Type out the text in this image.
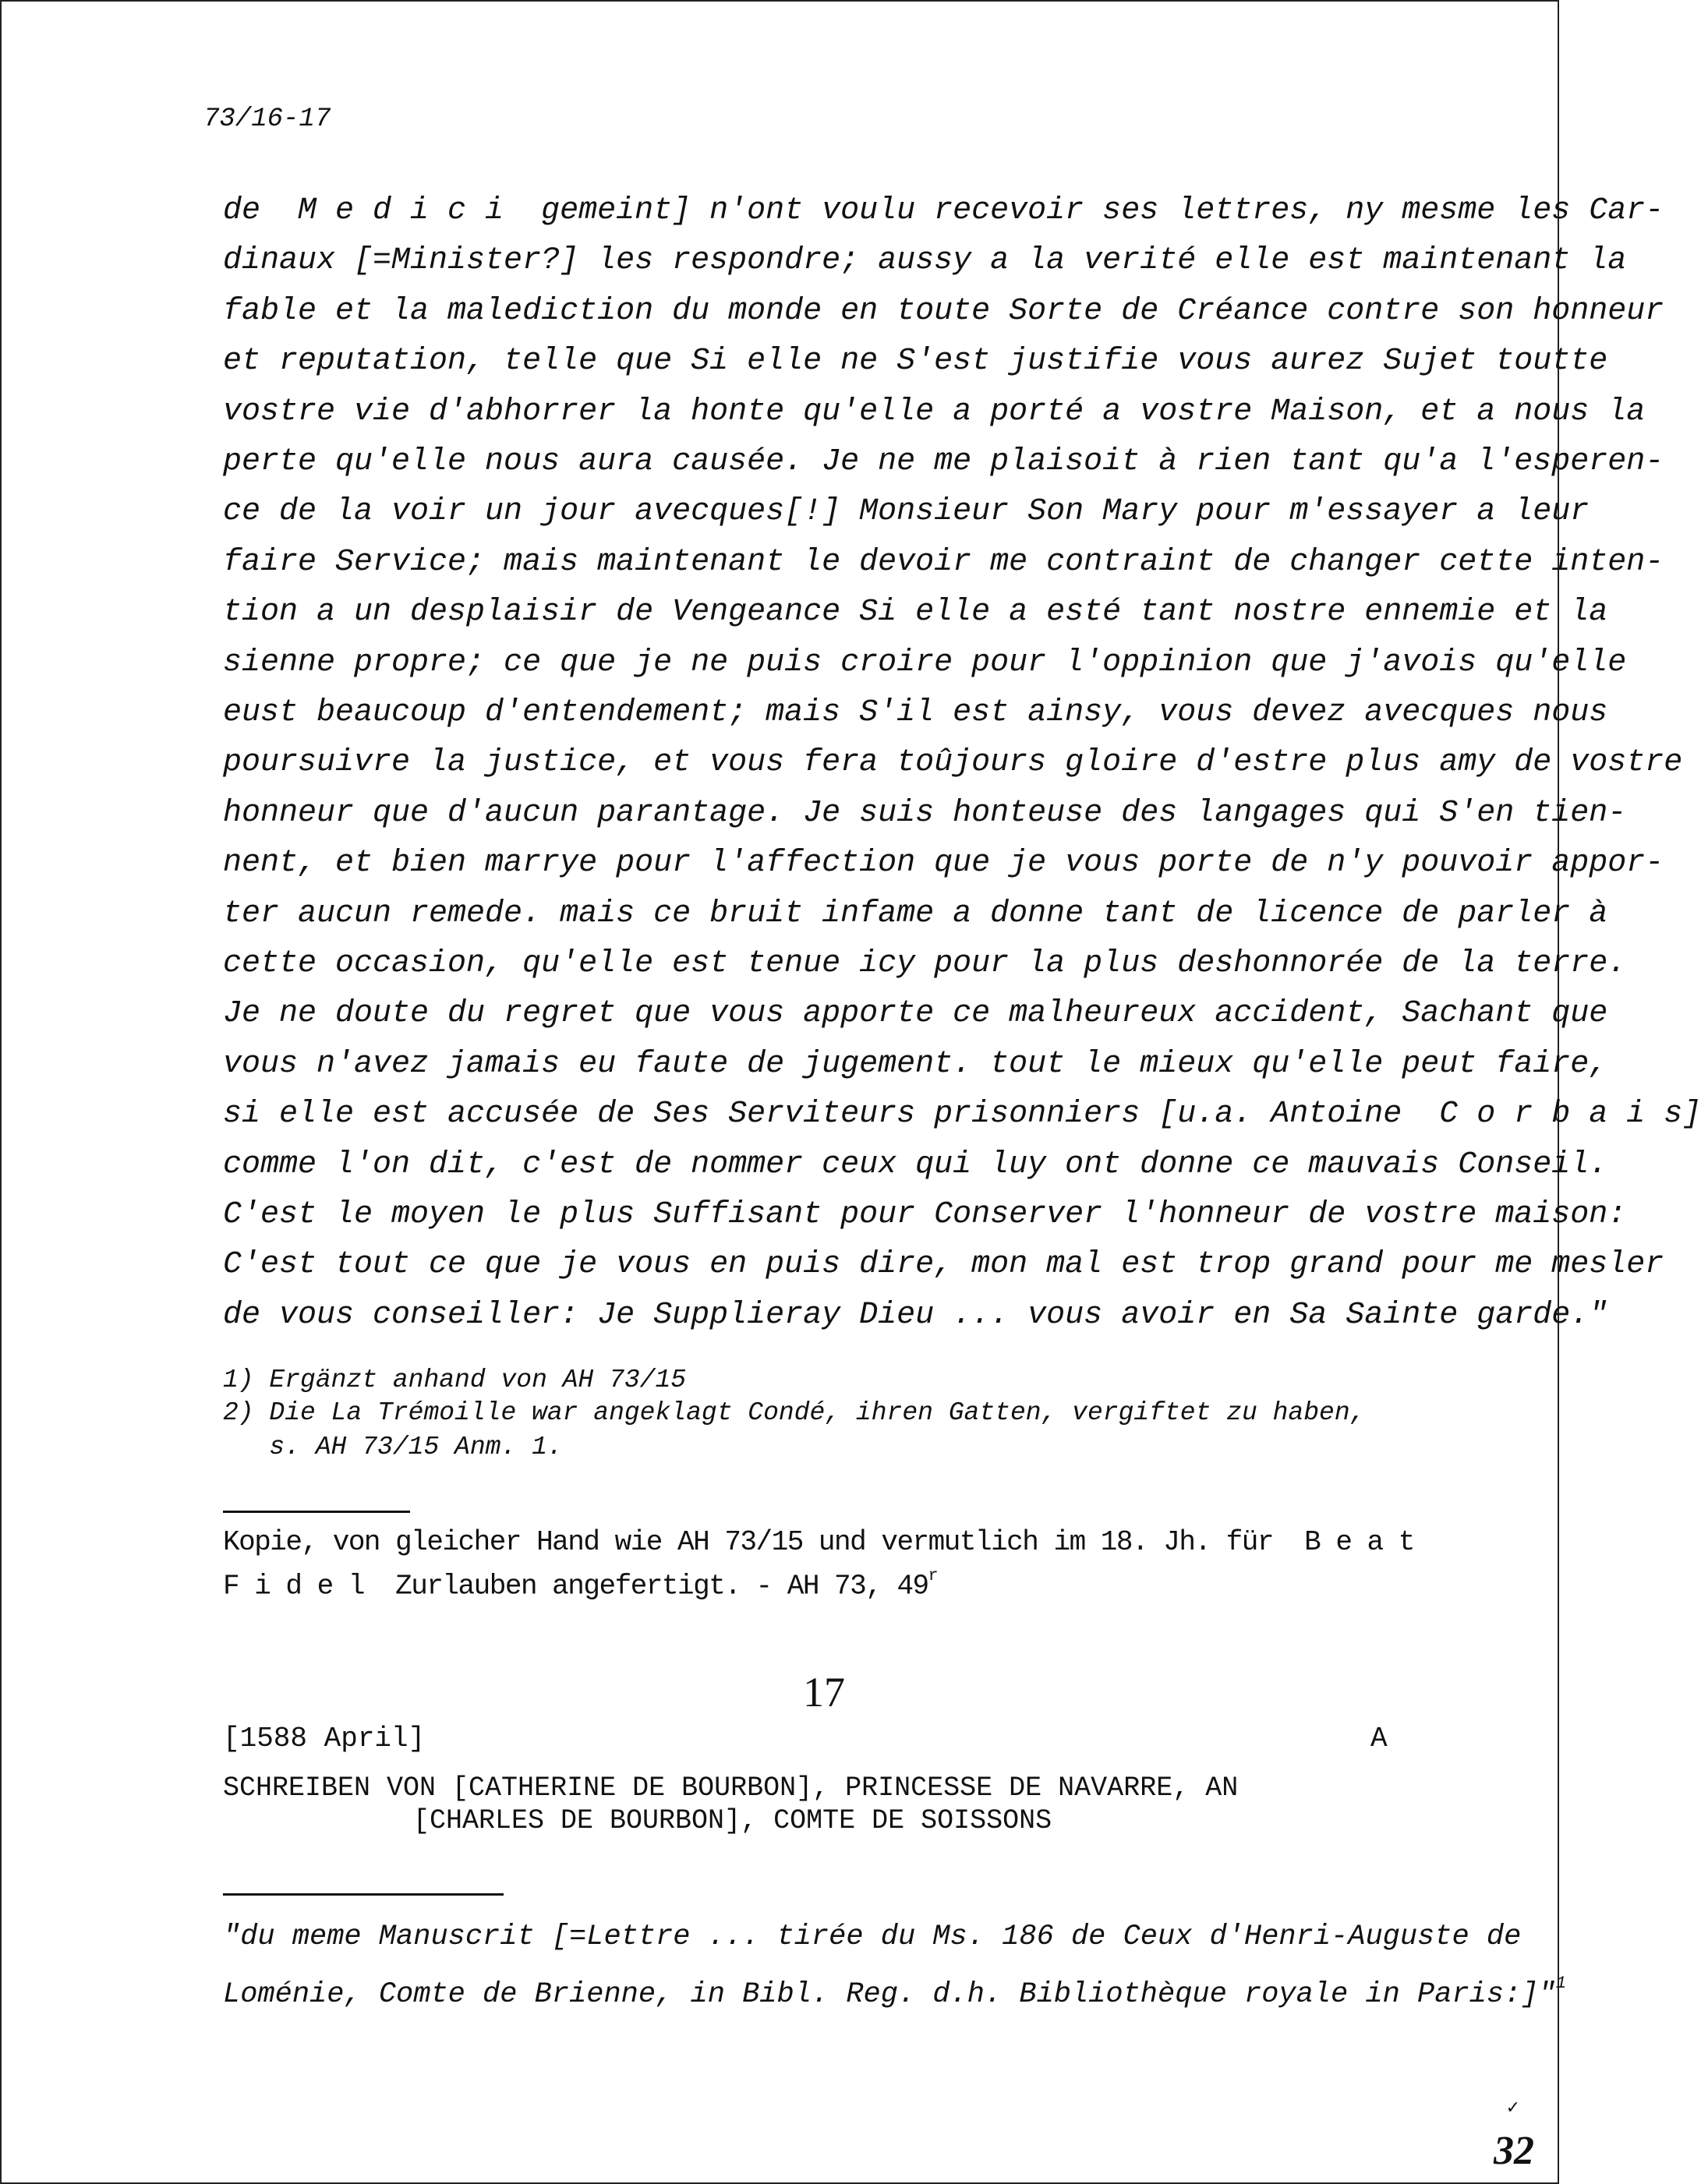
73/16-17
de  M e d i c i  gemeint] n'ont voulu recevoir ses lettres, ny mesme les Car-
dinaux [=Minister?] les respondre; aussy a la verité elle est maintenant la
fable et la malediction du monde en toute Sorte de Créance contre son honneur
et reputation, telle que Si elle ne S'est justifie vous aurez Sujet toutte
vostre vie d'abhorrer la honte qu'elle a porté a vostre Maison, et a nous la
perte qu'elle nous aura causée. Je ne me plaisoit à rien tant qu'a l'esperen-
ce de la voir un jour avecques[!] Monsieur Son Mary pour m'essayer a leur
faire Service; mais maintenant le devoir me contraint de changer cette inten-
tion a un desplaisir de Vengeance Si elle a esté tant nostre ennemie et la
sienne propre; ce que je ne puis croire pour l'oppinion que j'avois qu'elle
eust beaucoup d'entendement; mais S'il est ainsy, vous devez avecques nous
poursuivre la justice, et vous fera toûjours gloire d'estre plus amy de vostre
honneur que d'aucun parantage. Je suis honteuse des langages qui S'en tien-
nent, et bien marrye pour l'affection que je vous porte de n'y pouvoir appor-
ter aucun remede. mais ce bruit infame a donne tant de licence de parler à
cette occasion, qu'elle est tenue icy pour la plus deshonnorée de la terre.
Je ne doute du regret que vous apporte ce malheureux accident, Sachant que
vous n'avez jamais eu faute de jugement. tout le mieux qu'elle peut faire,
si elle est accusée de Ses Serviteurs prisonniers [u.a. Antoine  C o r b a i s]
comme l'on dit, c'est de nommer ceux qui luy ont donne ce mauvais Conseil.
C'est le moyen le plus Suffisant pour Conserver l'honneur de vostre maison:
C'est tout ce que je vous en puis dire, mon mal est trop grand pour me mesler
de vous conseiller: Je Supplieray Dieu ... vous avoir en Sa Sainte garde."
1) Ergänzt anhand von AH 73/15
2) Die La Trémoille war angeklagt Condé, ihren Gatten, vergiftet zu haben,
s. AH 73/15 Anm. 1.
Kopie, von gleicher Hand wie AH 73/15 und vermutlich im 18. Jh. für  B e a t
F i d e l  Zurlauben angefertigt. - AH 73, 49$^r$
17
[1588 April]	A
SCHREIBEN VON [CATHERINE DE BOURBON], PRINCESSE DE NAVARRE, AN
[CHARLES DE BOURBON], COMTE DE SOISSONS
"du meme Manuscrit [=Lettre ... tirée du Ms. 186 de Ceux d'Henri-Auguste de
Loménie, Comte de Brienne, in Bibl. Reg. d.h. Bibliothèque royale in Paris:]"$^1$
✓
32
